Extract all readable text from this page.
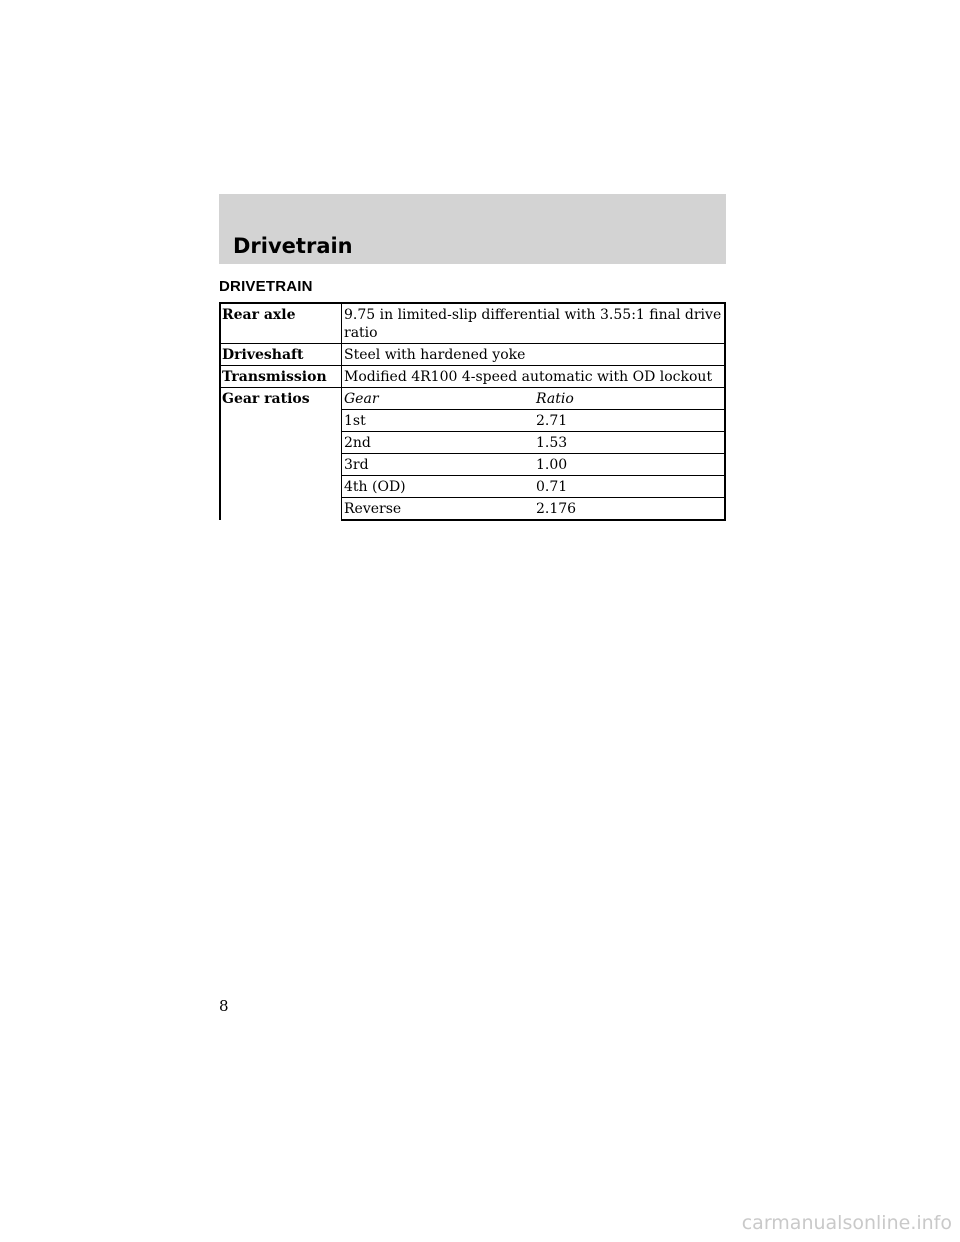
Drivetrain
DRIVETRAIN
Rear axle	9.75 in limited-slip differential with 3.55:1 final drive ratio	
Driveshaft	Steel with hardened yoke	
Transmission	Modified 4R100 4-speed automatic with OD lockout	
Gear ratios	Gear	Ratio
	1st	2.71
	2nd	1.53
	3rd	1.00
	4th (OD)	0.71
	Reverse	2.176
8
carmanualsonline.info
